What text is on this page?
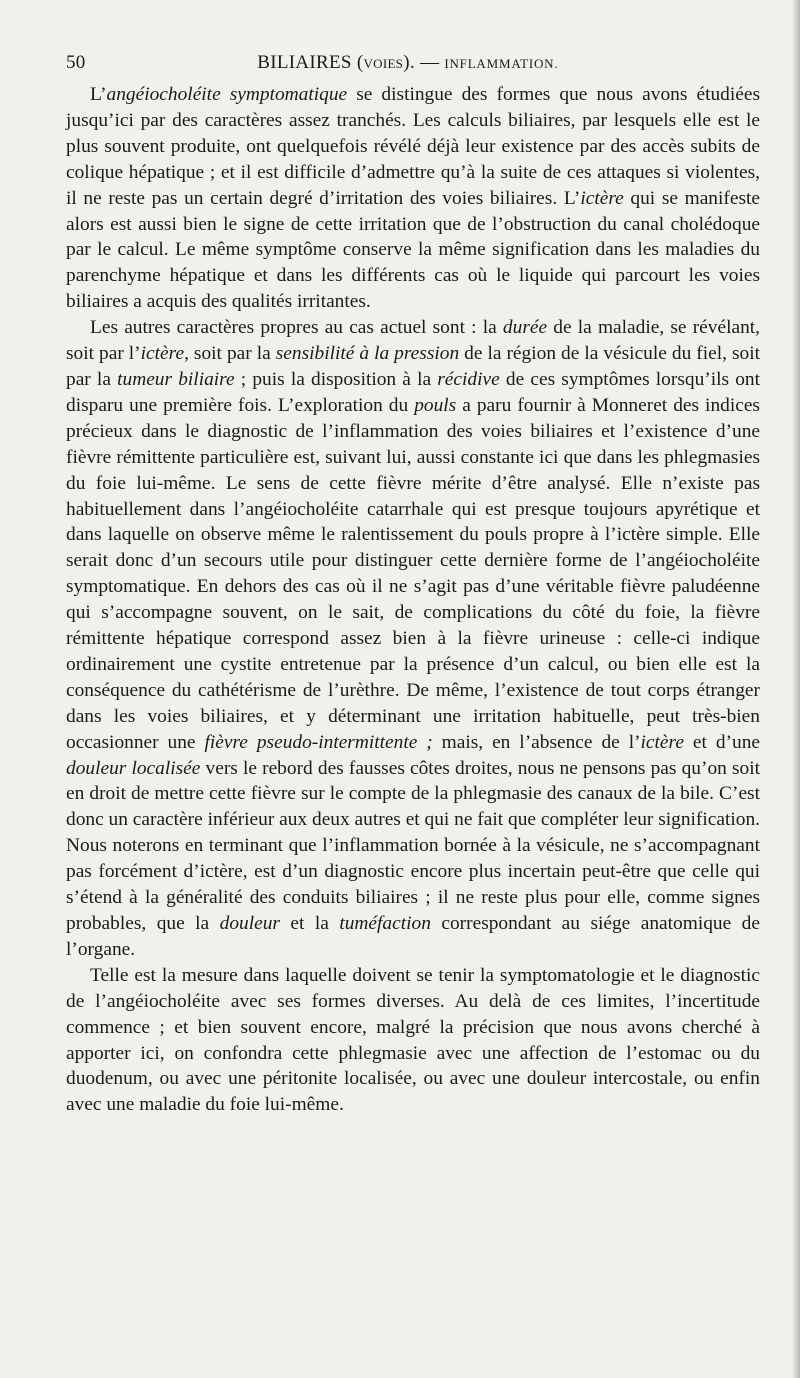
50	BILIAIRES (voies). — INFLAMMATION.

L’angéiocholéite symptomatique se distingue des formes que nous avons étudiées jusqu’ici par des caractères assez tranchés. Les calculs biliaires, par lesquels elle est le plus souvent produite, ont quelquefois révélé déjà leur existence par des accès subits de colique hépatique ; et il est difficile d’admettre qu’à la suite de ces attaques si violentes, il ne reste pas un certain degré d’irritation des voies biliaires. L’ictère qui se manifeste alors est aussi bien le signe de cette irritation que de l’obstruction du canal cholédoque par le calcul. Le même symptôme conserve la même signification dans les maladies du parenchyme hépatique et dans les différents cas où le liquide qui parcourt les voies biliaires a acquis des qualités irritantes.

Les autres caractères propres au cas actuel sont : la durée de la maladie, se révélant, soit par l’ictère, soit par la sensibilité à la pression de la région de la vésicule du fiel, soit par la tumeur biliaire ; puis la disposition à la récidive de ces symptômes lorsqu’ils ont disparu une première fois. L’exploration du pouls a paru fournir à Monneret des indices précieux dans le diagnostic de l’inflammation des voies biliaires et l’existence d’une fièvre rémittente particulière est, suivant lui, aussi constante ici que dans les phlegmasies du foie lui-même. Le sens de cette fièvre mérite d’être analysé. Elle n’existe pas habituellement dans l’angéiocholéite catarrhale qui est presque toujours apyrétique et dans laquelle on observe même le ralentissement du pouls propre à l’ictère simple. Elle serait donc d’un secours utile pour distinguer cette dernière forme de l’angéiocholéite symptomatique. En dehors des cas où il ne s’agit pas d’une véritable fièvre paludéenne qui s’accompagne souvent, on le sait, de complications du côté du foie, la fièvre rémittente hépatique correspond assez bien à la fièvre urineuse : celle-ci indique ordinairement une cystite entretenue par la présence d’un calcul, ou bien elle est la conséquence du cathétérisme de l’urèthre. De même, l’existence de tout corps étranger dans les voies biliaires, et y déterminant une irritation habituelle, peut très-bien occasionner une fièvre pseudo-intermittente ; mais, en l’absence de l’ictère et d’une douleur localisée vers le rebord des fausses côtes droites, nous ne pensons pas qu’on soit en droit de mettre cette fièvre sur le compte de la phlegmasie des canaux de la bile. C’est donc un caractère inférieur aux deux autres et qui ne fait que compléter leur signification. Nous noterons en terminant que l’inflammation bornée à la vésicule, ne s’accompagnant pas forcément d’ictère, est d’un diagnostic encore plus incertain peut-être que celle qui s’étend à la généralité des conduits biliaires ; il ne reste plus pour elle, comme signes probables, que la douleur et la tuméfaction correspondant au siége anatomique de l’organe.

Telle est la mesure dans laquelle doivent se tenir la symptomatologie et le diagnostic de l’angéiocholéite avec ses formes diverses. Au delà de ces limites, l’incertitude commence ; et bien souvent encore, malgré la précision que nous avons cherché à apporter ici, on confondra cette phlegmasie avec une affection de l’estomac ou du duodenum, ou avec une péritonite localisée, ou avec une douleur intercostale, ou enfin avec une maladie du foie lui-même.
